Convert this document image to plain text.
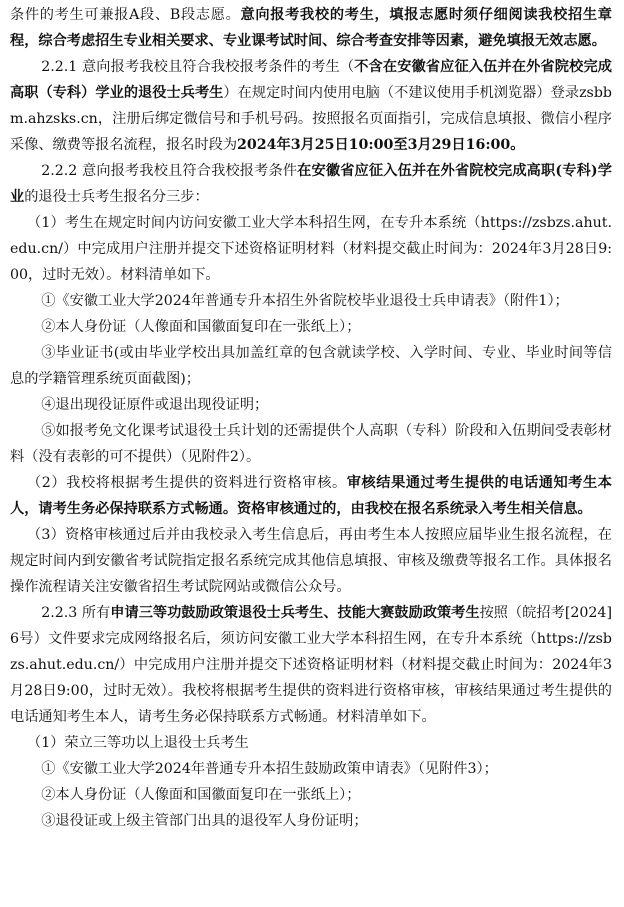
条件的考生可兼报A段、B段志愿。意向报考我校的考生，填报志愿时须仔细阅读我校招生章程，综合考虑招生专业相关要求、专业课考试时间、综合考查安排等因素，避免填报无效志愿。

2.2.1 意向报考我校且符合我校报考条件的考生（不含在安徽省应征入伍并在外省院校完成高职（专科）学业的退役士兵考生）在规定时间内使用电脑（不建议使用手机浏览器）登录zsbbm.ahzsks.cn，注册后绑定微信号和手机号码。按照报名页面指引，完成信息填报、微信小程序采像、缴费等报名流程，报名时段为2024年3月25日10:00至3月29日16:00。

2.2.2 意向报考我校且符合我校报考条件在安徽省应征入伍并在外省院校完成高职(专科)学业的退役士兵考生报名分三步：

（1）考生在规定时间内访问安徽工业大学本科招生网，在专升本系统（https://zsbzs.ahut.edu.cn/）中完成用户注册并提交下述资格证明材料（材料提交截止时间为：2024年3月28日9:00，过时无效）。材料清单如下。

①《安徽工业大学2024年普通专升本招生外省院校毕业退役士兵申请表》（附件1）；

②本人身份证（人像面和国徽面复印在一张纸上）；

③毕业证书(或由毕业学校出具加盖红章的包含就读学校、入学时间、专业、毕业时间等信息的学籍管理系统页面截图)；

④退出现役证原件或退出现役证明；

⑤如报考免文化课考试退役士兵计划的还需提供个人高职（专科）阶段和入伍期间受表彰材料（没有表彰的可不提供）（见附件2）。

（2）我校将根据考生提供的资料进行资格审核。审核结果通过考生提供的电话通知考生本人，请考生务必保持联系方式畅通。资格审核通过的，由我校在报名系统录入考生相关信息。

（3）资格审核通过后并由我校录入考生信息后，再由考生本人按照应届毕业生报名流程，在规定时间内到安徽省考试院指定报名系统完成其他信息填报、审核及缴费等报名工作。具体报名操作流程请关注安徽省招生考试院网站或微信公众号。

2.2.3 所有申请三等功鼓励政策退役士兵考生、技能大赛鼓励政策考生按照（皖招考[2024]6号）文件要求完成网络报名后，须访问安徽工业大学本科招生网，在专升本系统（https://zsbzs.ahut.edu.cn/）中完成用户注册并提交下述资格证明材料（材料提交截止时间为：2024年3月28日9:00，过时无效）。我校将根据考生提供的资料进行资格审核，审核结果通过考生提供的电话通知考生本人，请考生务必保持联系方式畅通。材料清单如下。

（1）荣立三等功以上退役士兵考生

①《安徽工业大学2024年普通专升本招生鼓励政策申请表》（见附件3）；

②本人身份证（人像面和国徽面复印在一张纸上）；

③退役证或上级主管部门出具的退役军人身份证明；
